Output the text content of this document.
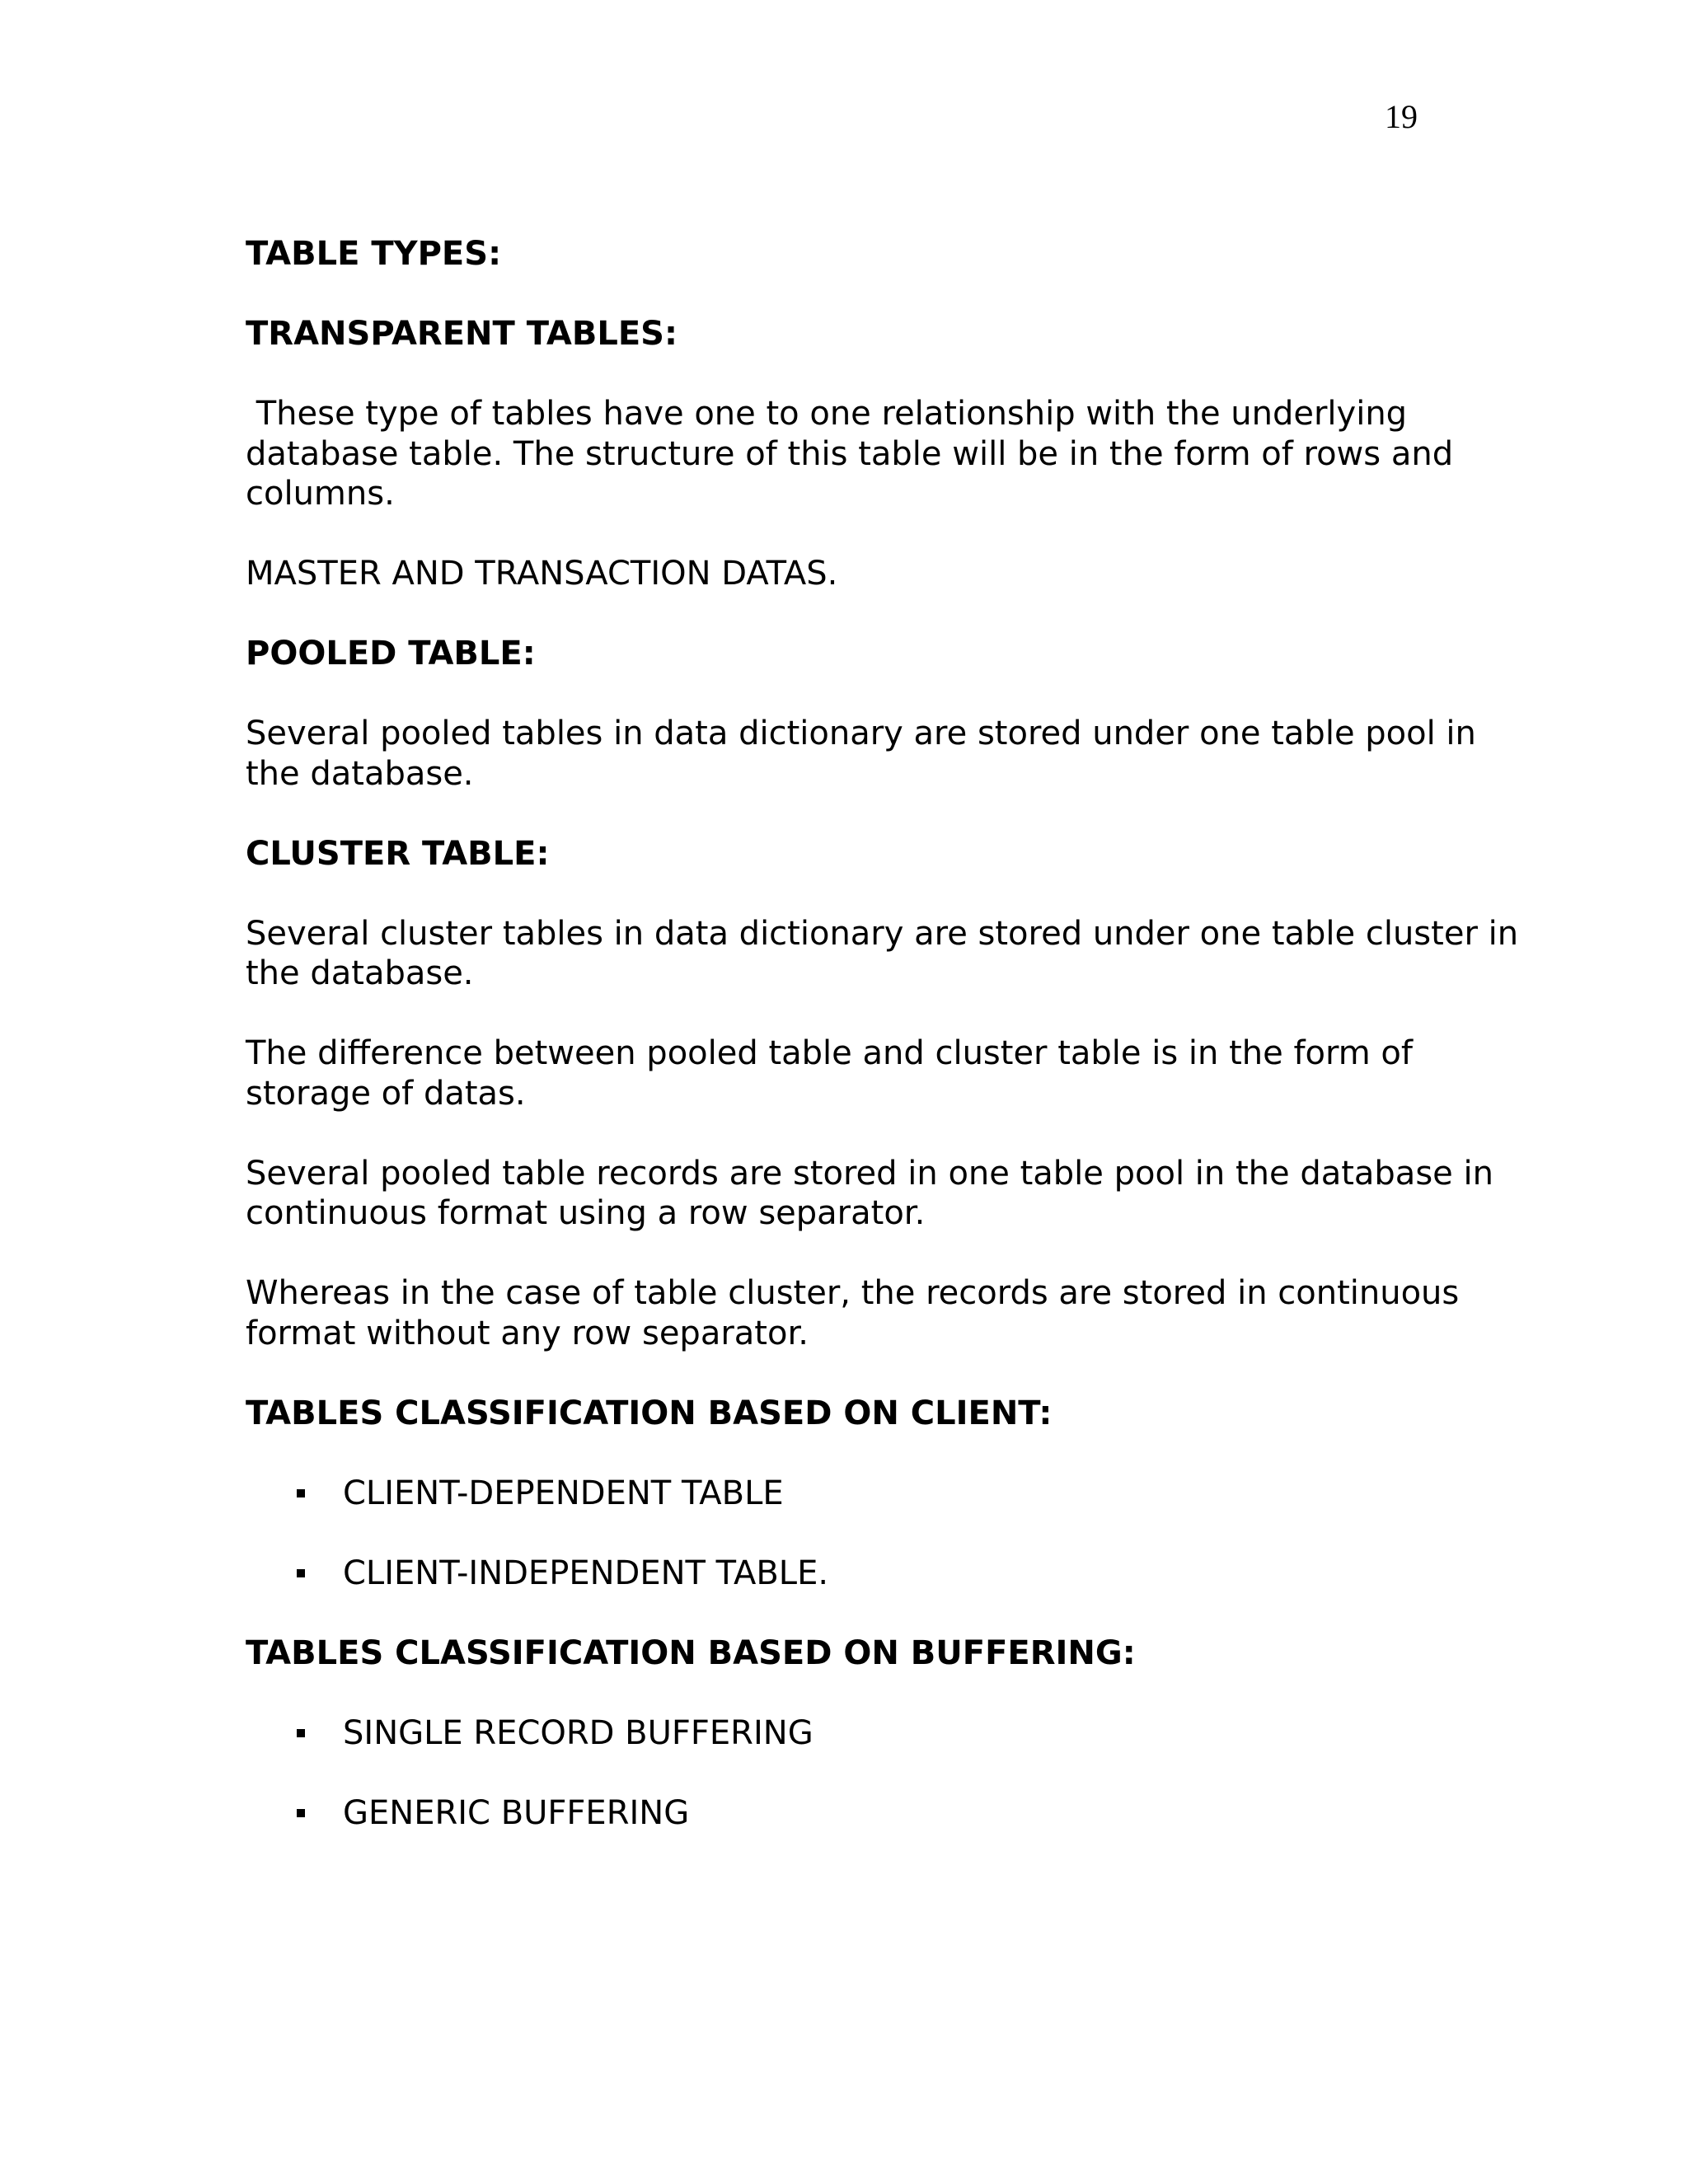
19

TABLE TYPES:

TRANSPARENT TABLES:

These type of tables have one to one relationship with the underlying
database table. The structure of this table will be in the form of rows and
columns.

MASTER AND TRANSACTION DATAS.

POOLED TABLE:

Several pooled tables in data dictionary are stored under one table pool in
the database.

CLUSTER TABLE:

Several cluster tables in data dictionary are stored under one table cluster in
the database.

The difference between pooled table and cluster table is in the form of
storage of datas.

Several pooled table records are stored in one table pool in the database in
continuous format using a row separator.

Whereas in the case of table cluster, the records are stored in continuous
format without any row separator.

TABLES CLASSIFICATION BASED ON CLIENT:

CLIENT-DEPENDENT TABLE
CLIENT-INDEPENDENT TABLE.

TABLES CLASSIFICATION BASED ON BUFFERING:

SINGLE RECORD BUFFERING
GENERIC BUFFERING
